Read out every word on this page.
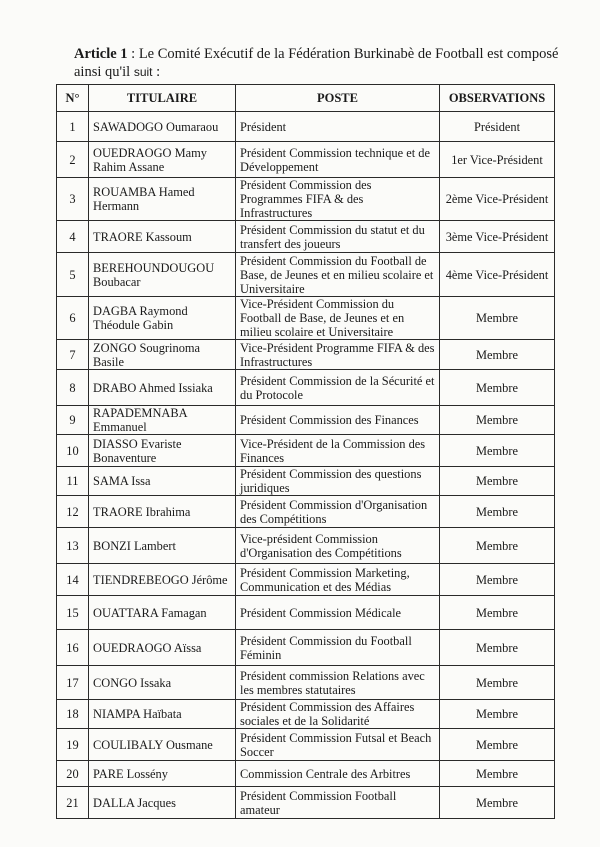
Article 1 : Le Comité Exécutif de la Fédération Burkinabè de Football est composé
ainsi qu'il suit :
N°	TITULAIRE	POSTE	OBSERVATIONS
1	SAWADOGO Oumaraou	Président	Président
2	OUEDRAOGO Mamy Rahim Assane	Président Commission technique et de Développement	1er Vice-Président
3	ROUAMBA Hamed Hermann	Président Commission des Programmes FIFA & des Infrastructures	2ème Vice-Président
4	TRAORE Kassoum	Président Commission du statut et du transfert des joueurs	3ème Vice-Président
5	BEREHOUNDOUGOU Boubacar	Président Commission du Football de Base, de Jeunes et en milieu scolaire et Universitaire	4ème Vice-Président
6	DAGBA Raymond Théodule Gabin	Vice-Président Commission du Football de Base, de Jeunes et en milieu scolaire et Universitaire	Membre
7	ZONGO Sougrinoma Basile	Vice-Président Programme FIFA & des Infrastructures	Membre
8	DRABO Ahmed Issiaka	Président Commission de la Sécurité et du Protocole	Membre
9	RAPADEMNABA Emmanuel	Président Commission des Finances	Membre
10	DIASSO Evariste Bonaventure	Vice-Président de la Commission des Finances	Membre
11	SAMA Issa	Président Commission des questions juridiques	Membre
12	TRAORE Ibrahima	Président Commission d'Organisation des Compétitions	Membre
13	BONZI Lambert	Vice-président Commission d'Organisation des Compétitions	Membre
14	TIENDREBEOGO Jérôme	Président Commission Marketing, Communication et des Médias	Membre
15	OUATTARA Famagan	Président Commission Médicale	Membre
16	OUEDRAOGO Aïssa	Président Commission du Football Féminin	Membre
17	CONGO Issaka	Président commission Relations avec les membres statutaires	Membre
18	NIAMPA Haïbata	Président Commission des Affaires sociales et de la Solidarité	Membre
19	COULIBALY Ousmane	Président Commission Futsal et Beach Soccer	Membre
20	PARE Lossény	Commission Centrale des Arbitres	Membre
21	DALLA Jacques	Président Commission Football amateur	Membre
